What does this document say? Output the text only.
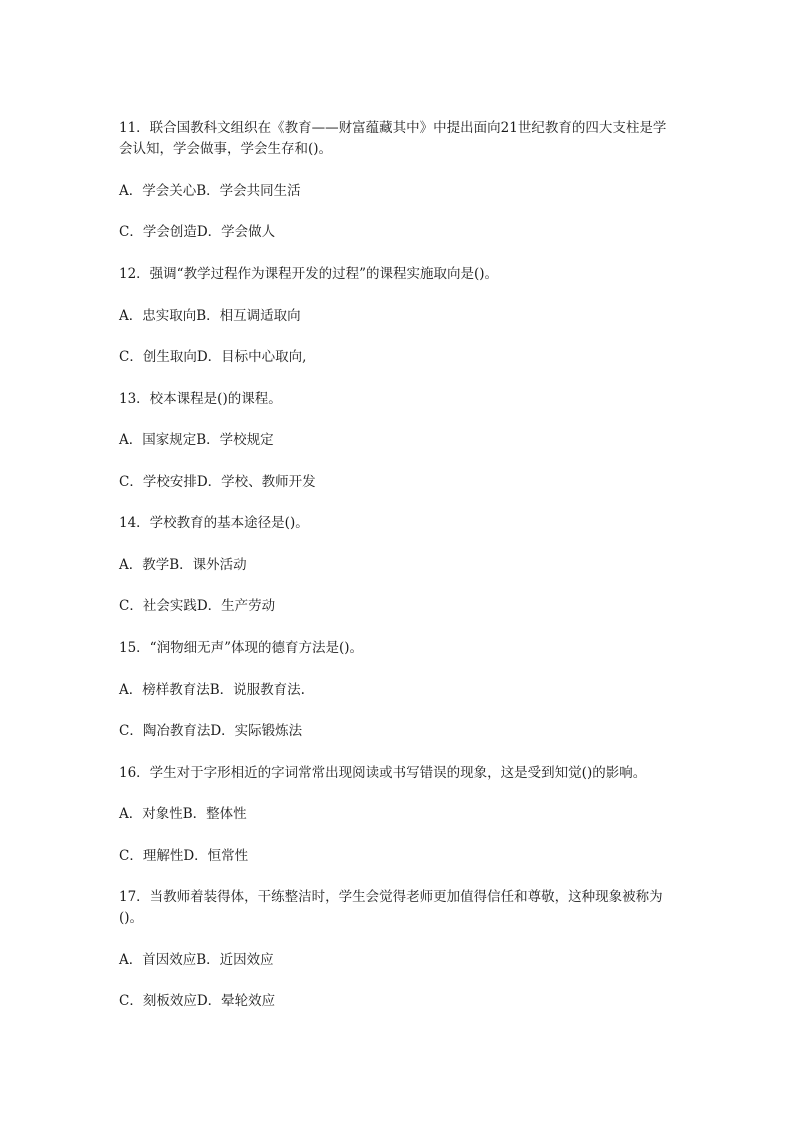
11．联合国教科文组织在《教育——财富蕴藏其中》中提出面向21世纪教育的四大支柱是学会认知，学会做事，学会生存和()。
A．学会关心B．学会共同生活
C．学会创造D．学会做人
12．强调“教学过程作为课程开发的过程”的课程实施取向是()。
A．忠实取向B．相互调适取向
C．创生取向D．目标中心取向,
13．校本课程是()的课程。
A．国家规定B．学校规定
C．学校安排D．学校、教师开发
14．学校教育的基本途径是()。
A．教学B．课外活动
C．社会实践D．生产劳动
15．“润物细无声”体现的德育方法是()。
A．榜样教育法B．说服教育法.
C．陶冶教育法D．实际锻炼法
16．学生对于字形相近的字词常常出现阅读或书写错误的现象，这是受到知觉()的影响。
A．对象性B．整体性
C．理解性D．恒常性
17．当教师着装得体，干练整洁时，学生会觉得老师更加值得信任和尊敬，这种现象被称为()。
A．首因效应B．近因效应
C．刻板效应D．晕轮效应
